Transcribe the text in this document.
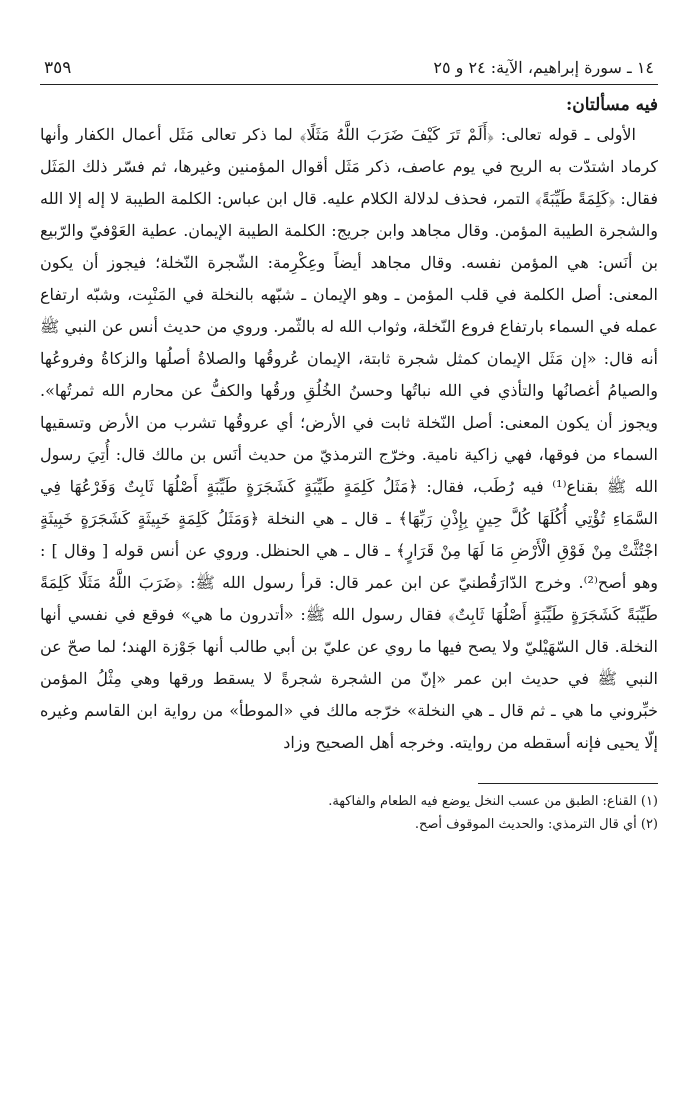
١٤ ـ سورة إبراهيم، الآية: ٢٤ و ٢٥
٣٥٩
فيه مسألتان:

الأولى ـ قوله تعالى: ﴿أَلَمْ تَرَ كَيْفَ ضَرَبَ اللَّهُ مَثَلًا﴾ لما ذكر تعالى مَثَل أعمال الكفار وأنها كرماد اشتدّت به الريح في يوم عاصف، ذكر مَثَل أقوال المؤمنين وغيرها، ثم فسّر ذلك المَثَل فقال: ﴿كَلِمَةً طَيِّبَةً﴾ التمر، فحذف لدلالة الكلام عليه. قال ابن عباس: الكلمة الطيبة لا إله إلا الله والشجرة الطيبة المؤمن. وقال مجاهد وابن جريج: الكلمة الطيبة الإيمان. عطية العَوْفيّ والرّبيع بن أنَس: هي المؤمن نفسه. وقال مجاهد أيضاً وعِكْرِمة: الشّجرة النّخلة؛ فيجوز أن يكون المعنى: أصل الكلمة في قلب المؤمن ـ وهو الإيمان ـ شبّهه بالنخلة في المَنْبِت، وشبّه ارتفاع عمله في السماء بارتفاع فروع النّخلة، وثواب الله له بالثّمر. وروي من حديث أنس عن النبي ﷺ أنه قال: «إن مَثَل الإيمان كمثل شجرة ثابتة، الإيمان عُروقُها والصلاةُ أصلُها والزكاةُ وفروعُها والصيامُ أغصانُها والتأذي في الله نباتُها وحسنُ الخُلُقِ ورقُها والكفُّ عن محارم الله ثمرتُها». ويجوز أن يكون المعنى: أصل النّخلة ثابت في الأرض؛ أي عروقُها تشرب من الأرض وتسقيها السماء من فوقها، فهي زاكية نامية. وخرّج الترمذيّ من حديث أنَس بن مالك قال: أُتِيَ رسول الله ﷺ بقناع⁽¹⁾ فيه رُطَب، فقال: ﴿مَثَلُ كَلِمَةٍ طَيِّبَةٍ كَشَجَرَةٍ طَيِّبَةٍ أَصْلُهَا ثَابِتٌ وَفَرْعُهَا فِي السَّمَاءِ تُؤْتِي أُكُلَهَا كُلَّ حِينٍ بِإِذْنِ رَبِّهَا﴾ ـ قال ـ هي النخلة ﴿وَمَثَلُ كَلِمَةٍ خَبِيثَةٍ كَشَجَرَةٍ خَبِيثَةٍ اجْتُثَّتْ مِنْ فَوْقِ الْأَرْضِ مَا لَهَا مِنْ قَرَارٍ﴾ ـ قال ـ هي الحنظل. وروي عن أنس قوله [ وقال ] : وهو أصح⁽²⁾. وخرج الدّارَقُطنيّ عن ابن عمر قال: قرأ رسول الله ﷺ: ﴿ضَرَبَ اللَّهُ مَثَلًا كَلِمَةً طَيِّبَةً كَشَجَرَةٍ طَيِّبَةٍ أَصْلُهَا ثَابِتٌ﴾ فقال رسول الله ﷺ: «أتدرون ما هي» فوقع في نفسي أنها النخلة. قال السّهَيْليّ ولا يصح فيها ما روي عن عليّ بن أبي طالب أنها جَوْزة الهند؛ لما صحّ عن النبي ﷺ في حديث ابن عمر «إنّ من الشجرة شجرةً لا يسقط ورقها وهي مِثْلُ المؤمن خبِّروني ما هي ـ ثم قال ـ هي النخلة» خرّجه مالك في «الموطأ» من رواية ابن القاسم وغيره إلّا يحيى فإنه أسقطه من روايته. وخرجه أهل الصحيح وزاد

(١) القناع: الطبق من عسب النخل يوضع فيه الطعام والفاكهة.
(٢) أي قال الترمذي: والحديث الموقوف أصح.
